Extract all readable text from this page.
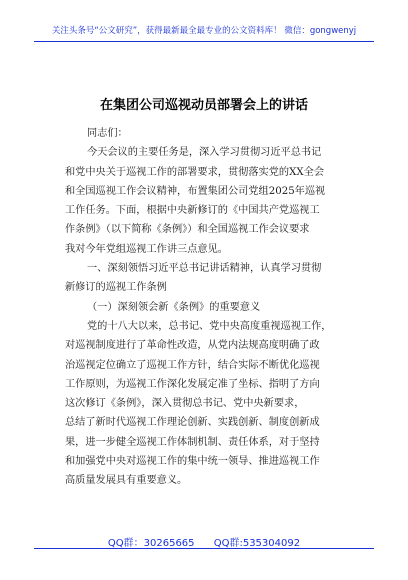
关注头条号“公文研究”，获得最新最全最专业的公文资料库！ 微信：gongwenyj
在集团公司巡视动员部署会上的讲话
同志们：
今天会议的主要任务是，深入学习贯彻习近平总书记
和党中央关于巡视工作的部署要求，贯彻落实党的XX全会
和全国巡视工作会议精神，布置集团公司党组2025年巡视
工作任务。下面，根据中央新修订的《中国共产党巡视工
作条例》（以下简称《条例》）和全国巡视工作会议要求
我对今年党组巡视工作讲三点意见。
一、深刻领悟习近平总书记讲话精神，认真学习贯彻
新修订的巡视工作条例
（一）深刻领会新《条例》的重要意义
党的十八大以来，总书记、党中央高度重视巡视工作，
对巡视制度进行了革命性改造，从党内法规高度明确了政
治巡视定位确立了巡视工作方针，结合实际不断优化巡视
工作原则，为巡视工作深化发展定准了坐标、指明了方向
这次修订《条例》，深入贯彻总书记、党中央新要求，
总结了新时代巡视工作理论创新、实践创新、制度创新成
果，进一步健全巡视工作体制机制、责任体系，对于坚持
和加强党中央对巡视工作的集中统一领导、推进巡视工作
高质量发展具有重要意义。
QQ群：30265665 QQ群:535304092
